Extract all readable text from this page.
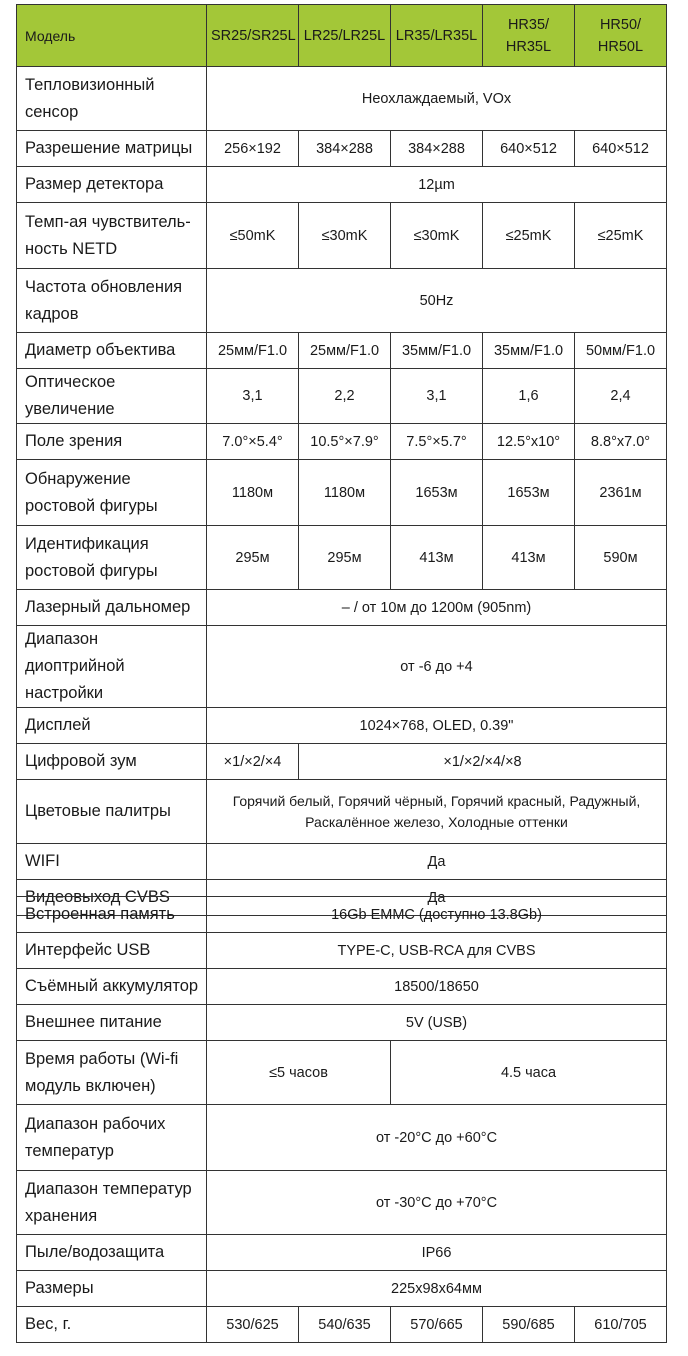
Модель	SR25/SR25L	LR25/LR25L	LR35/LR35L	HR35/ HR35L	HR50/ HR50L
Тепловизионный сенсор	Неохлаждаемый, VOx				
Разрешение матрицы	256×192	384×288	384×288	640×512	640×512
Размер детектора	12µm				
Темп-ая чувствитель-ность NETD	≤50mK	≤30mK	≤30mK	≤25mK	≤25mK
Частота обновления кадров	50Hz				
Диаметр объектива	25мм/F1.0	25мм/F1.0	35мм/F1.0	35мм/F1.0	50мм/F1.0
Оптическое увеличение	3,1	2,2	3,1	1,6	2,4
Поле зрения	7.0°×5.4°	10.5°×7.9°	7.5°×5.7°	12.5°x10°	8.8°x7.0°
Обнаружение ростовой фигуры	1180м	1180м	1653м	1653м	2361м
Идентификация ростовой фигуры	295м	295м	413м	413м	590м
Лазерный дальномер	– / от 10м до 1200м (905nm)				
Диапазон диоптрийной настройки	от -6 до +4				
Дисплей	1024×768, OLED, 0.39"				
Цифровой зум	×1/×2/×4	×1/×2/×4/×8			
Цветовые палитры	Горячий белый, Горячий чёрный, Горячий красный, Радужный, Раскалённое железо, Холодные оттенки				
WIFI	Да				
Видеовыход CVBS	Да				
Встроенная память	16Gb EMMC (доступно 13.8Gb)				
Интерфейс USB	TYPE-C, USB-RCA для CVBS				
Съёмный аккумулятор	18500/18650				
Внешнее питание	5V (USB)				
Время работы (Wi-fi модуль включен)	≤5 часов		4.5 часа		
Диапазон рабочих температур	от -20°C до +60°C				
Диапазон температур хранения	от -30°C до +70°C				
Пыле/водозащита	IP66				
Размеры	225x98x64мм				
Вес, г.	530/625	540/635	570/665	590/685	610/705
